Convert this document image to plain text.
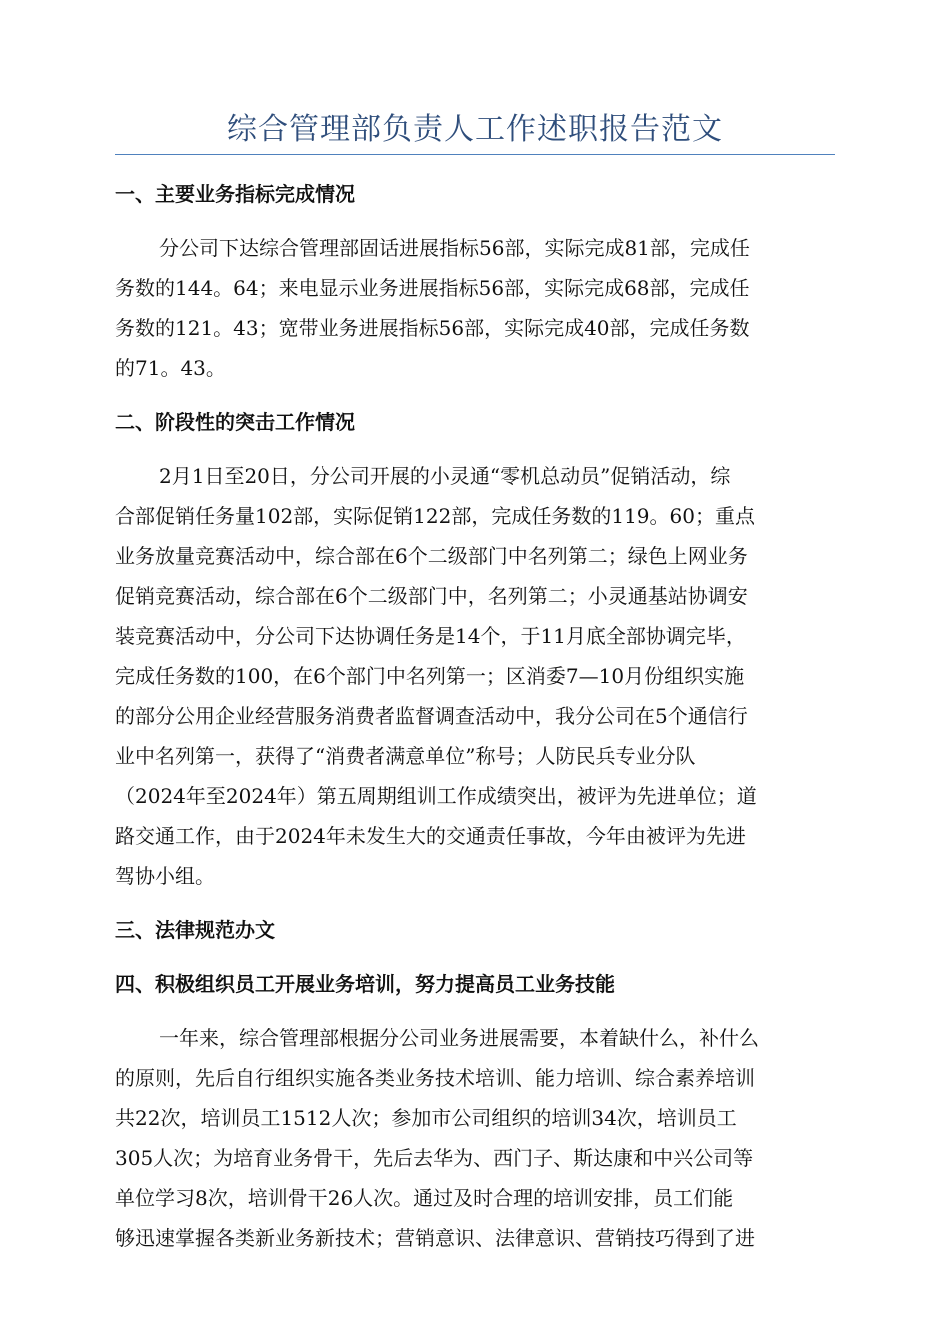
综合管理部负责人工作述职报告范文
一、主要业务指标完成情况
分公司下达综合管理部固话进展指标56部，实际完成81部，完成任
务数的144。64；来电显示业务进展指标56部，实际完成68部，完成任
务数的121。43；宽带业务进展指标56部，实际完成40部，完成任务数
的71。43。
二、阶段性的突击工作情况
2月1日至20日，分公司开展的小灵通“零机总动员”促销活动，综
合部促销任务量102部，实际促销122部，完成任务数的119。60；重点
业务放量竞赛活动中，综合部在6个二级部门中名列第二；绿色上网业务
促销竞赛活动，综合部在6个二级部门中，名列第二；小灵通基站协调安
装竞赛活动中，分公司下达协调任务是14个，于11月底全部协调完毕，
完成任务数的100，在6个部门中名列第一；区消委7—10月份组织实施
的部分公用企业经营服务消费者监督调查活动中，我分公司在5个通信行
业中名列第一，获得了“消费者满意单位”称号；人防民兵专业分队
（2024年至2024年）第五周期组训工作成绩突出，被评为先进单位；道
路交通工作，由于2024年未发生大的交通责任事故，今年由被评为先进
驾协小组。
三、法律规范办文
四、积极组织员工开展业务培训，努力提高员工业务技能
一年来，综合管理部根据分公司业务进展需要，本着缺什么，补什么
的原则，先后自行组织实施各类业务技术培训、能力培训、综合素养培训
共22次，培训员工1512人次；参加市公司组织的培训34次，培训员工
305人次；为培育业务骨干，先后去华为、西门子、斯达康和中兴公司等
单位学习8次，培训骨干26人次。通过及时合理的培训安排，员工们能
够迅速掌握各类新业务新技术；营销意识、法律意识、营销技巧得到了进
